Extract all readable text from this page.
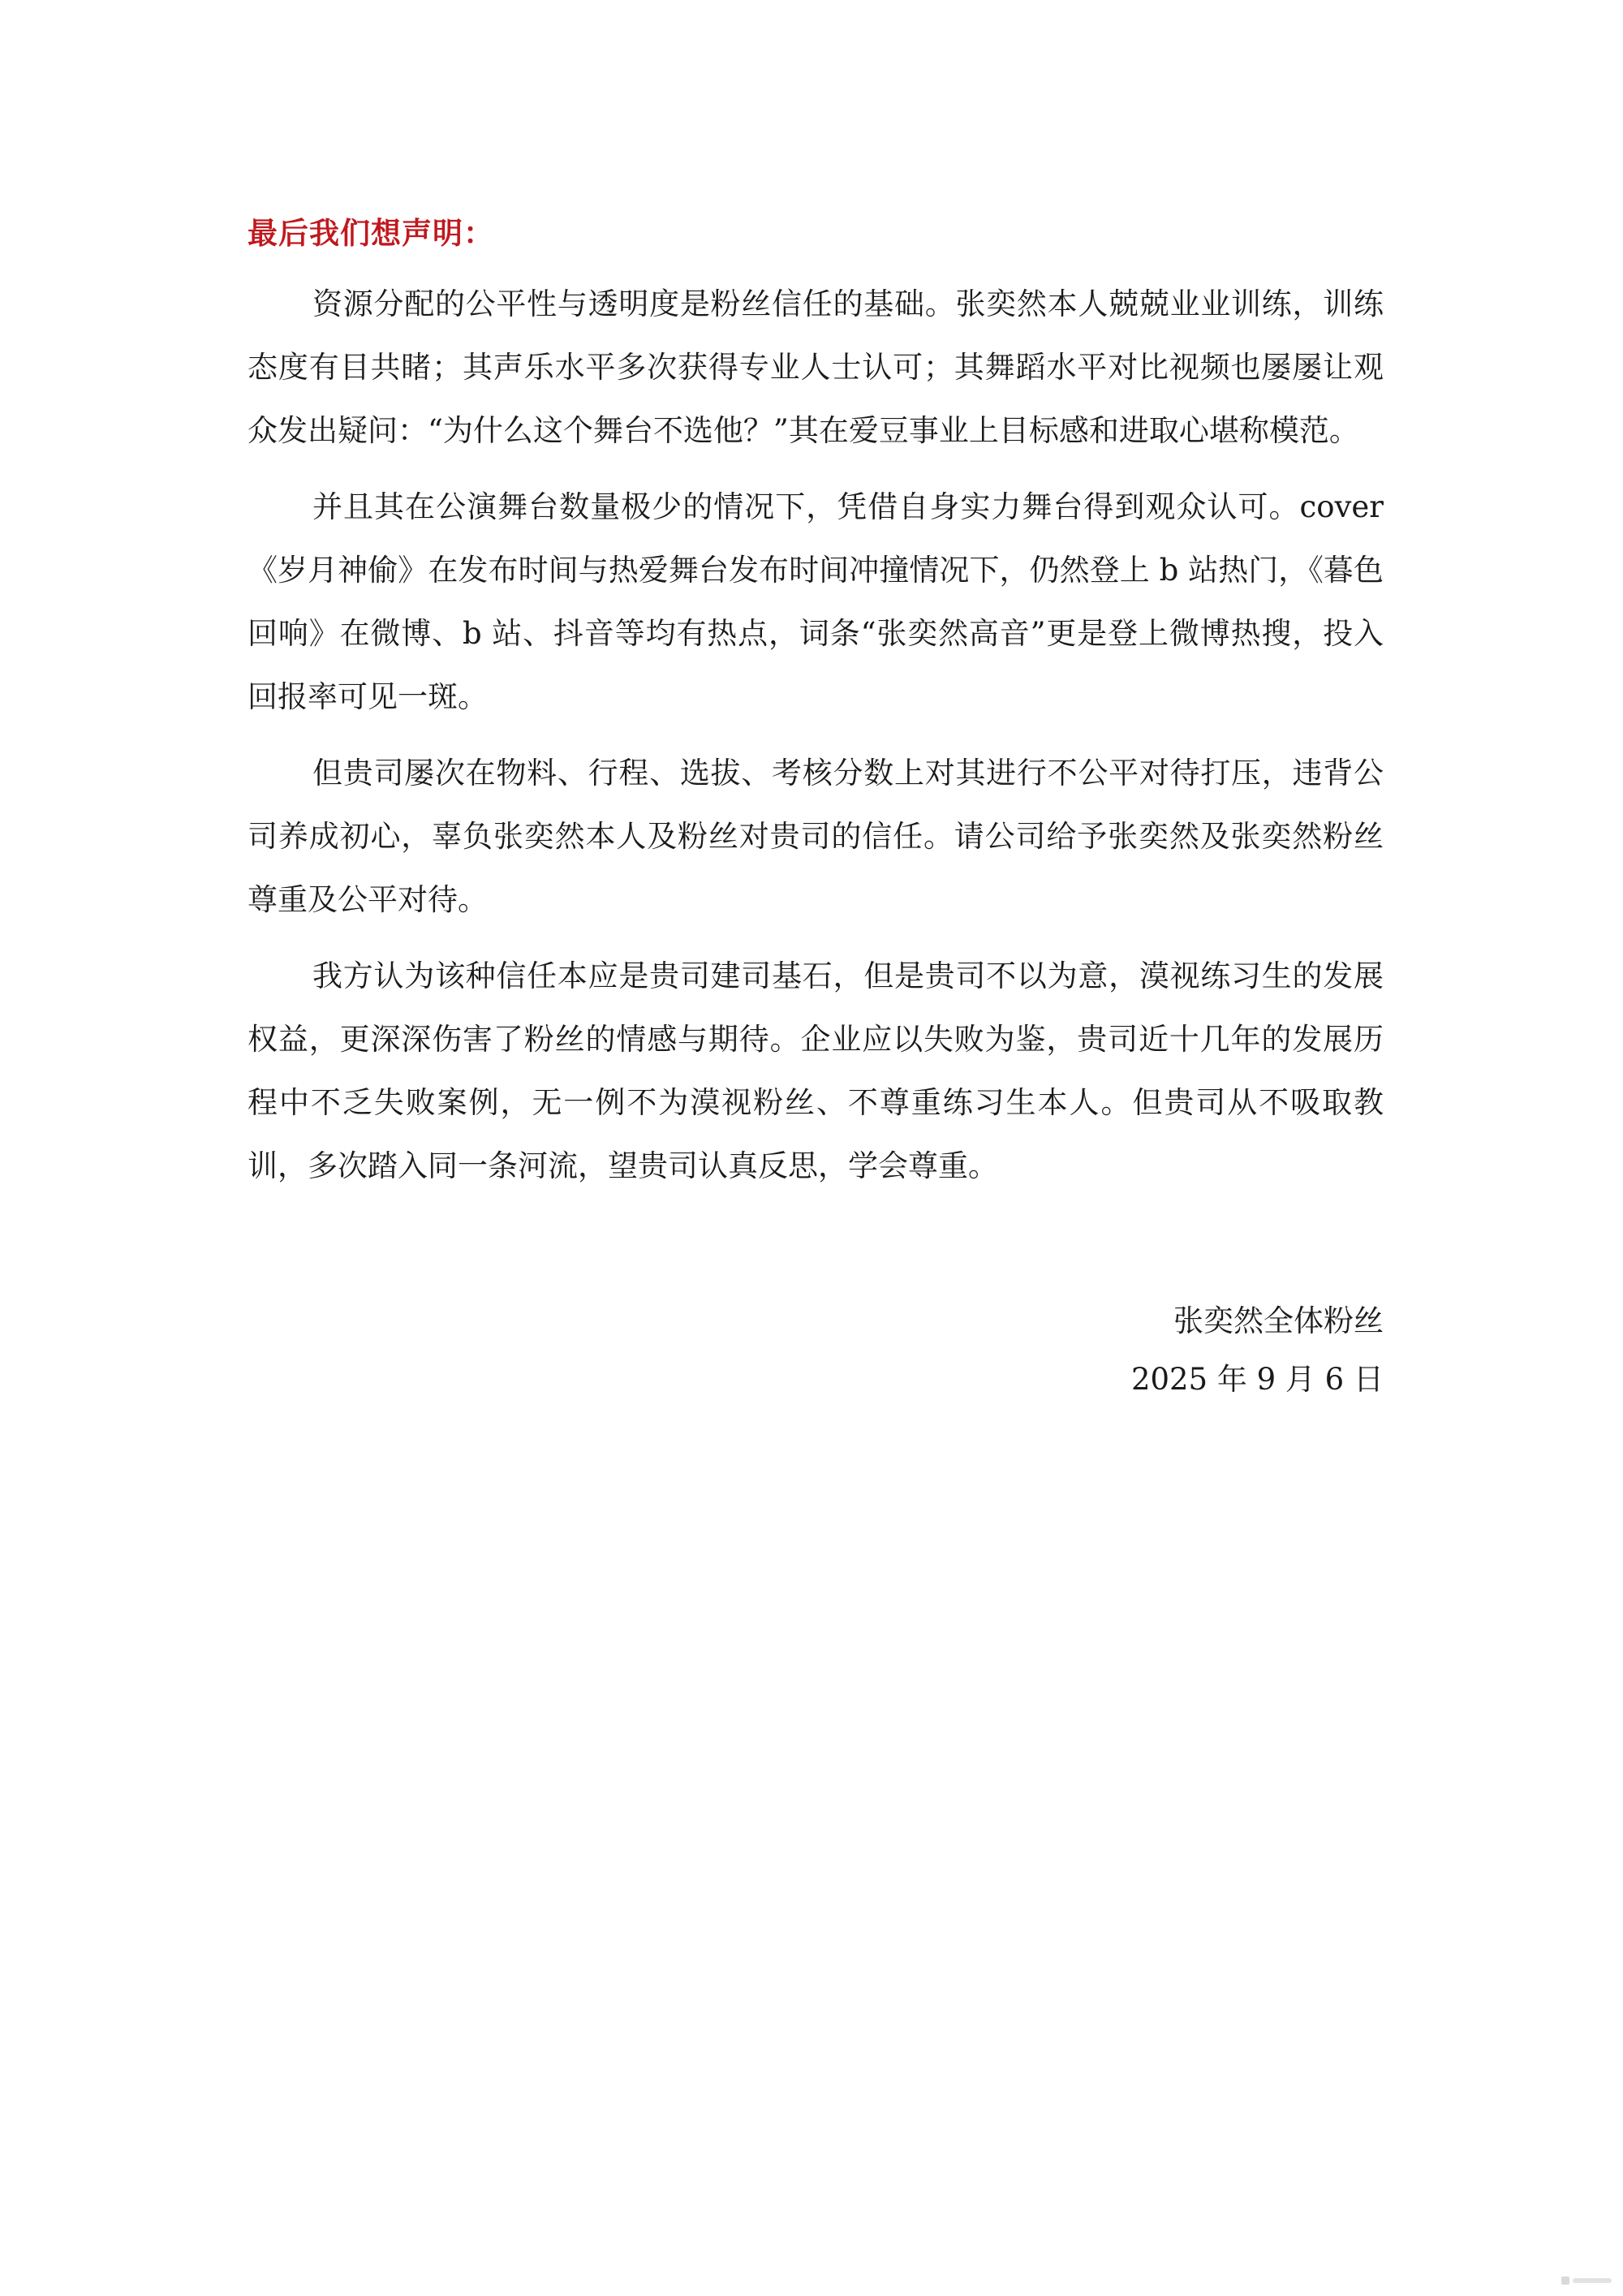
最后我们想声明：

资源分配的公平性与透明度是粉丝信任的基础。张奕然本人兢兢业业训练，训练态度有目共睹；其声乐水平多次获得专业人士认可；其舞蹈水平对比视频也屡屡让观众发出疑问：“为什么这个舞台不选他？”其在爱豆事业上目标感和进取心堪称模范。

并且其在公演舞台数量极少的情况下，凭借自身实力舞台得到观众认可。cover《岁月神偷》在发布时间与热爱舞台发布时间冲撞情况下，仍然登上 b 站热门，《暮色回响》在微博、b 站、抖音等均有热点，词条“张奕然高音”更是登上微博热搜，投入回报率可见一斑。

但贵司屡次在物料、行程、选拔、考核分数上对其进行不公平对待打压，违背公司养成初心，辜负张奕然本人及粉丝对贵司的信任。请公司给予张奕然及张奕然粉丝尊重及公平对待。

我方认为该种信任本应是贵司建司基石，但是贵司不以为意，漠视练习生的发展权益，更深深伤害了粉丝的情感与期待。企业应以失败为鉴，贵司近十几年的发展历程中不乏失败案例，无一例不为漠视粉丝、不尊重练习生本人。但贵司从不吸取教训，多次踏入同一条河流，望贵司认真反思，学会尊重。

张奕然全体粉丝
2025 年 9 月 6 日
